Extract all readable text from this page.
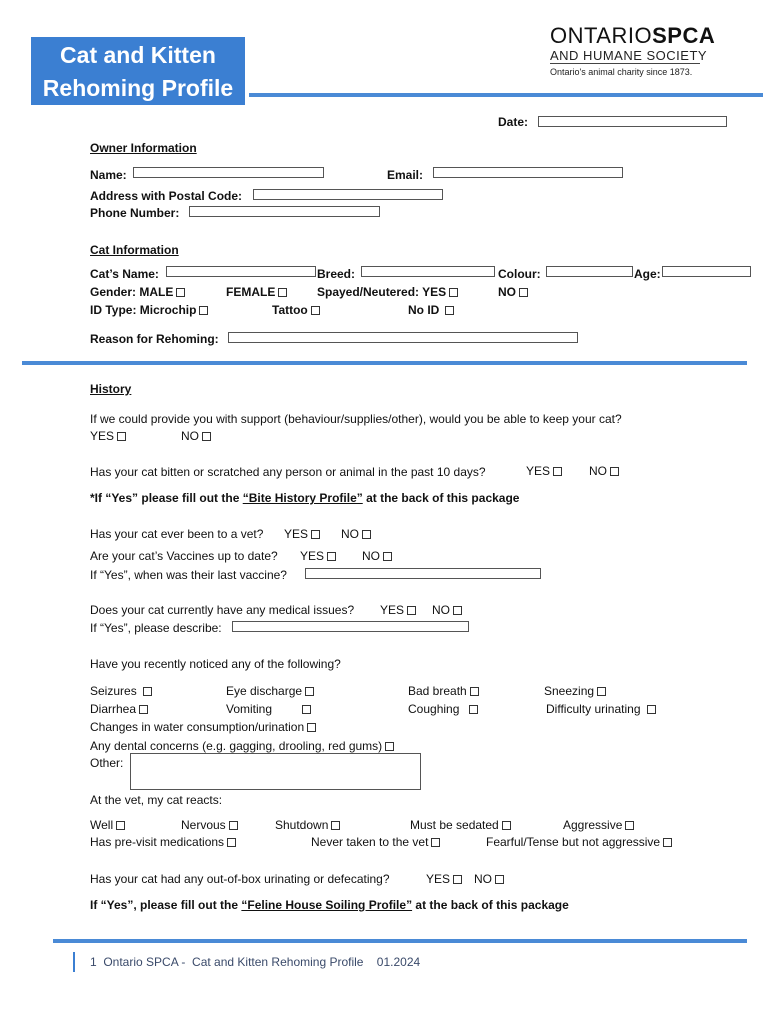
Cat and Kitten
Rehoming Profile
ONTARIOSPCA
AND HUMANE SOCIETY
Ontario's animal charity since 1873.
Date:
Owner Information
Name:	Email:
Address with Postal Code:
Phone Number:
Cat Information
Cat’s Name:	Breed:	Colour:	Age:
Gender: MALE	FEMALE	Spayed/Neutered: YES	NO
ID Type: Microchip	Tattoo	No ID
Reason for Rehoming:
History
If we could provide you with support (behaviour/supplies/other), would you be able to keep your cat?
YES	NO
Has your cat bitten or scratched any person or animal in the past 10 days?	YES	NO
*If “Yes” please fill out the “Bite History Profile” at the back of this package
Has your cat ever been to a vet? YES	NO
Are your cat’s Vaccines up to date? YES	NO
If “Yes”, when was their last vaccine?
Does your cat currently have any medical issues? YES	NO
If “Yes”, please describe:
Have you recently noticed any of the following?
Seizures	Eye discharge	Bad breath	Sneezing
Diarrhea	Vomiting	Coughing	Difficulty urinating
Changes in water consumption/urination
Any dental concerns (e.g. gagging, drooling, red gums)
Other:
At the vet, my cat reacts:
Well	Nervous	Shutdown	Must be sedated	Aggressive
Has pre-visit medications	Never taken to the vet	Fearful/Tense but not aggressive
Has your cat had any out-of-box urinating or defecating?	YES	NO
If “Yes”, please fill out the “Feline House Soiling Profile” at the back of this package
1  Ontario SPCA -  Cat and Kitten Rehoming Profile    01.2024
